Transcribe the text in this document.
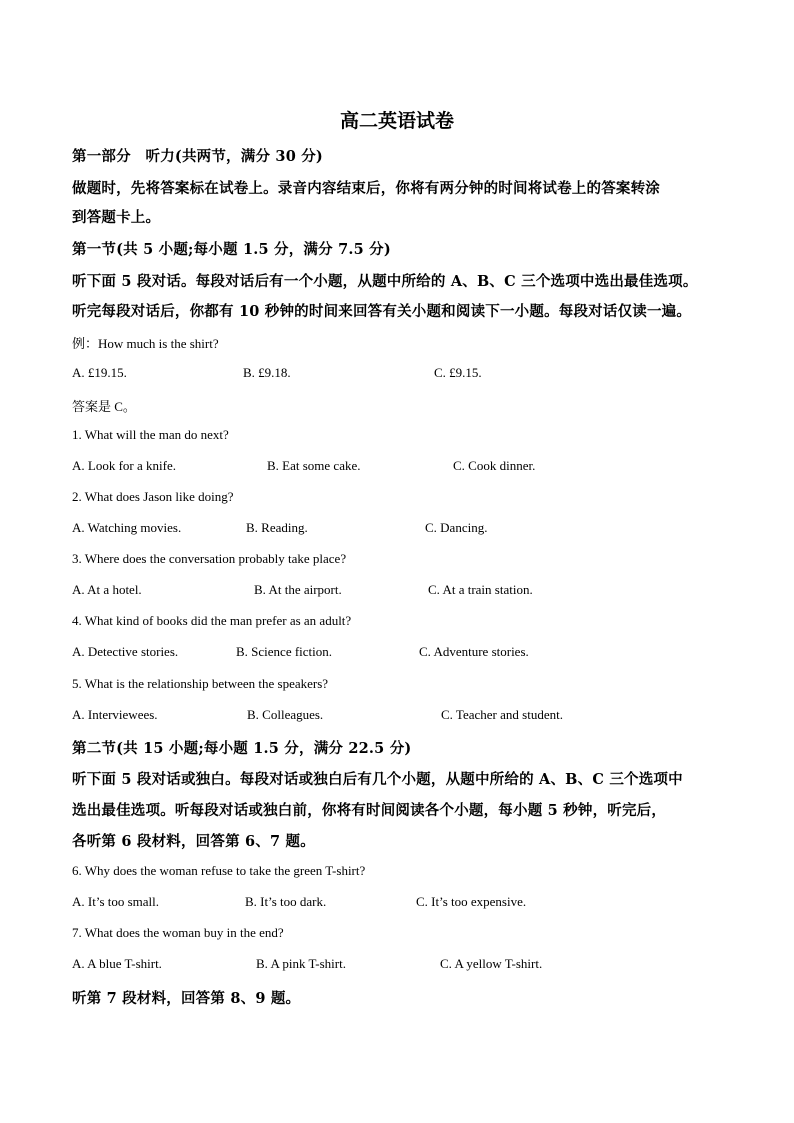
高二英语试卷
第一部分　听力(共两节，满分 30 分)
做题时，先将答案标在试卷上。录音内容结束后，你将有两分钟的时间将试卷上的答案转涂
到答题卡上。
第一节(共 5 小题;每小题 1.5 分，满分 7.5 分)
听下面 5 段对话。每段对话后有一个小题，从题中所给的 A、B、C 三个选项中选出最佳选项。
听完每段对话后，你都有 10 秒钟的时间来回答有关小题和阅读下一小题。每段对话仅读一遍。
例：How much is the shirt?
A. £19.15.	B. £9.18.	C. £9.15.
答案是 C。
1. What will the man do next?
A. Look for a knife.	B. Eat some cake.	C. Cook dinner.
2. What does Jason like doing?
A. Watching movies.	B. Reading.	C. Dancing.
3. Where does the conversation probably take place?
A. At a hotel.	B. At the airport.	C. At a train station.
4. What kind of books did the man prefer as an adult?
A. Detective stories.	B. Science fiction.	C. Adventure stories.
5. What is the relationship between the speakers?
A. Interviewees.	B. Colleagues.	C. Teacher and student.
第二节(共 15 小题;每小题 1.5 分，满分 22.5 分)
听下面 5 段对话或独白。每段对话或独白后有几个小题，从题中所给的 A、B、C 三个选项中
选出最佳选项。听每段对话或独白前，你将有时间阅读各个小题，每小题 5 秒钟，听完后，
各听第 6 段材料，回答第 6、7 题。
6. Why does the woman refuse to take the green T-shirt?
A. It’s too small.	B. It’s too dark.	C. It’s too expensive.
7. What does the woman buy in the end?
A. A blue T-shirt.	B. A pink T-shirt.	C. A yellow T-shirt.
听第 7 段材料，回答第 8、9 题。
